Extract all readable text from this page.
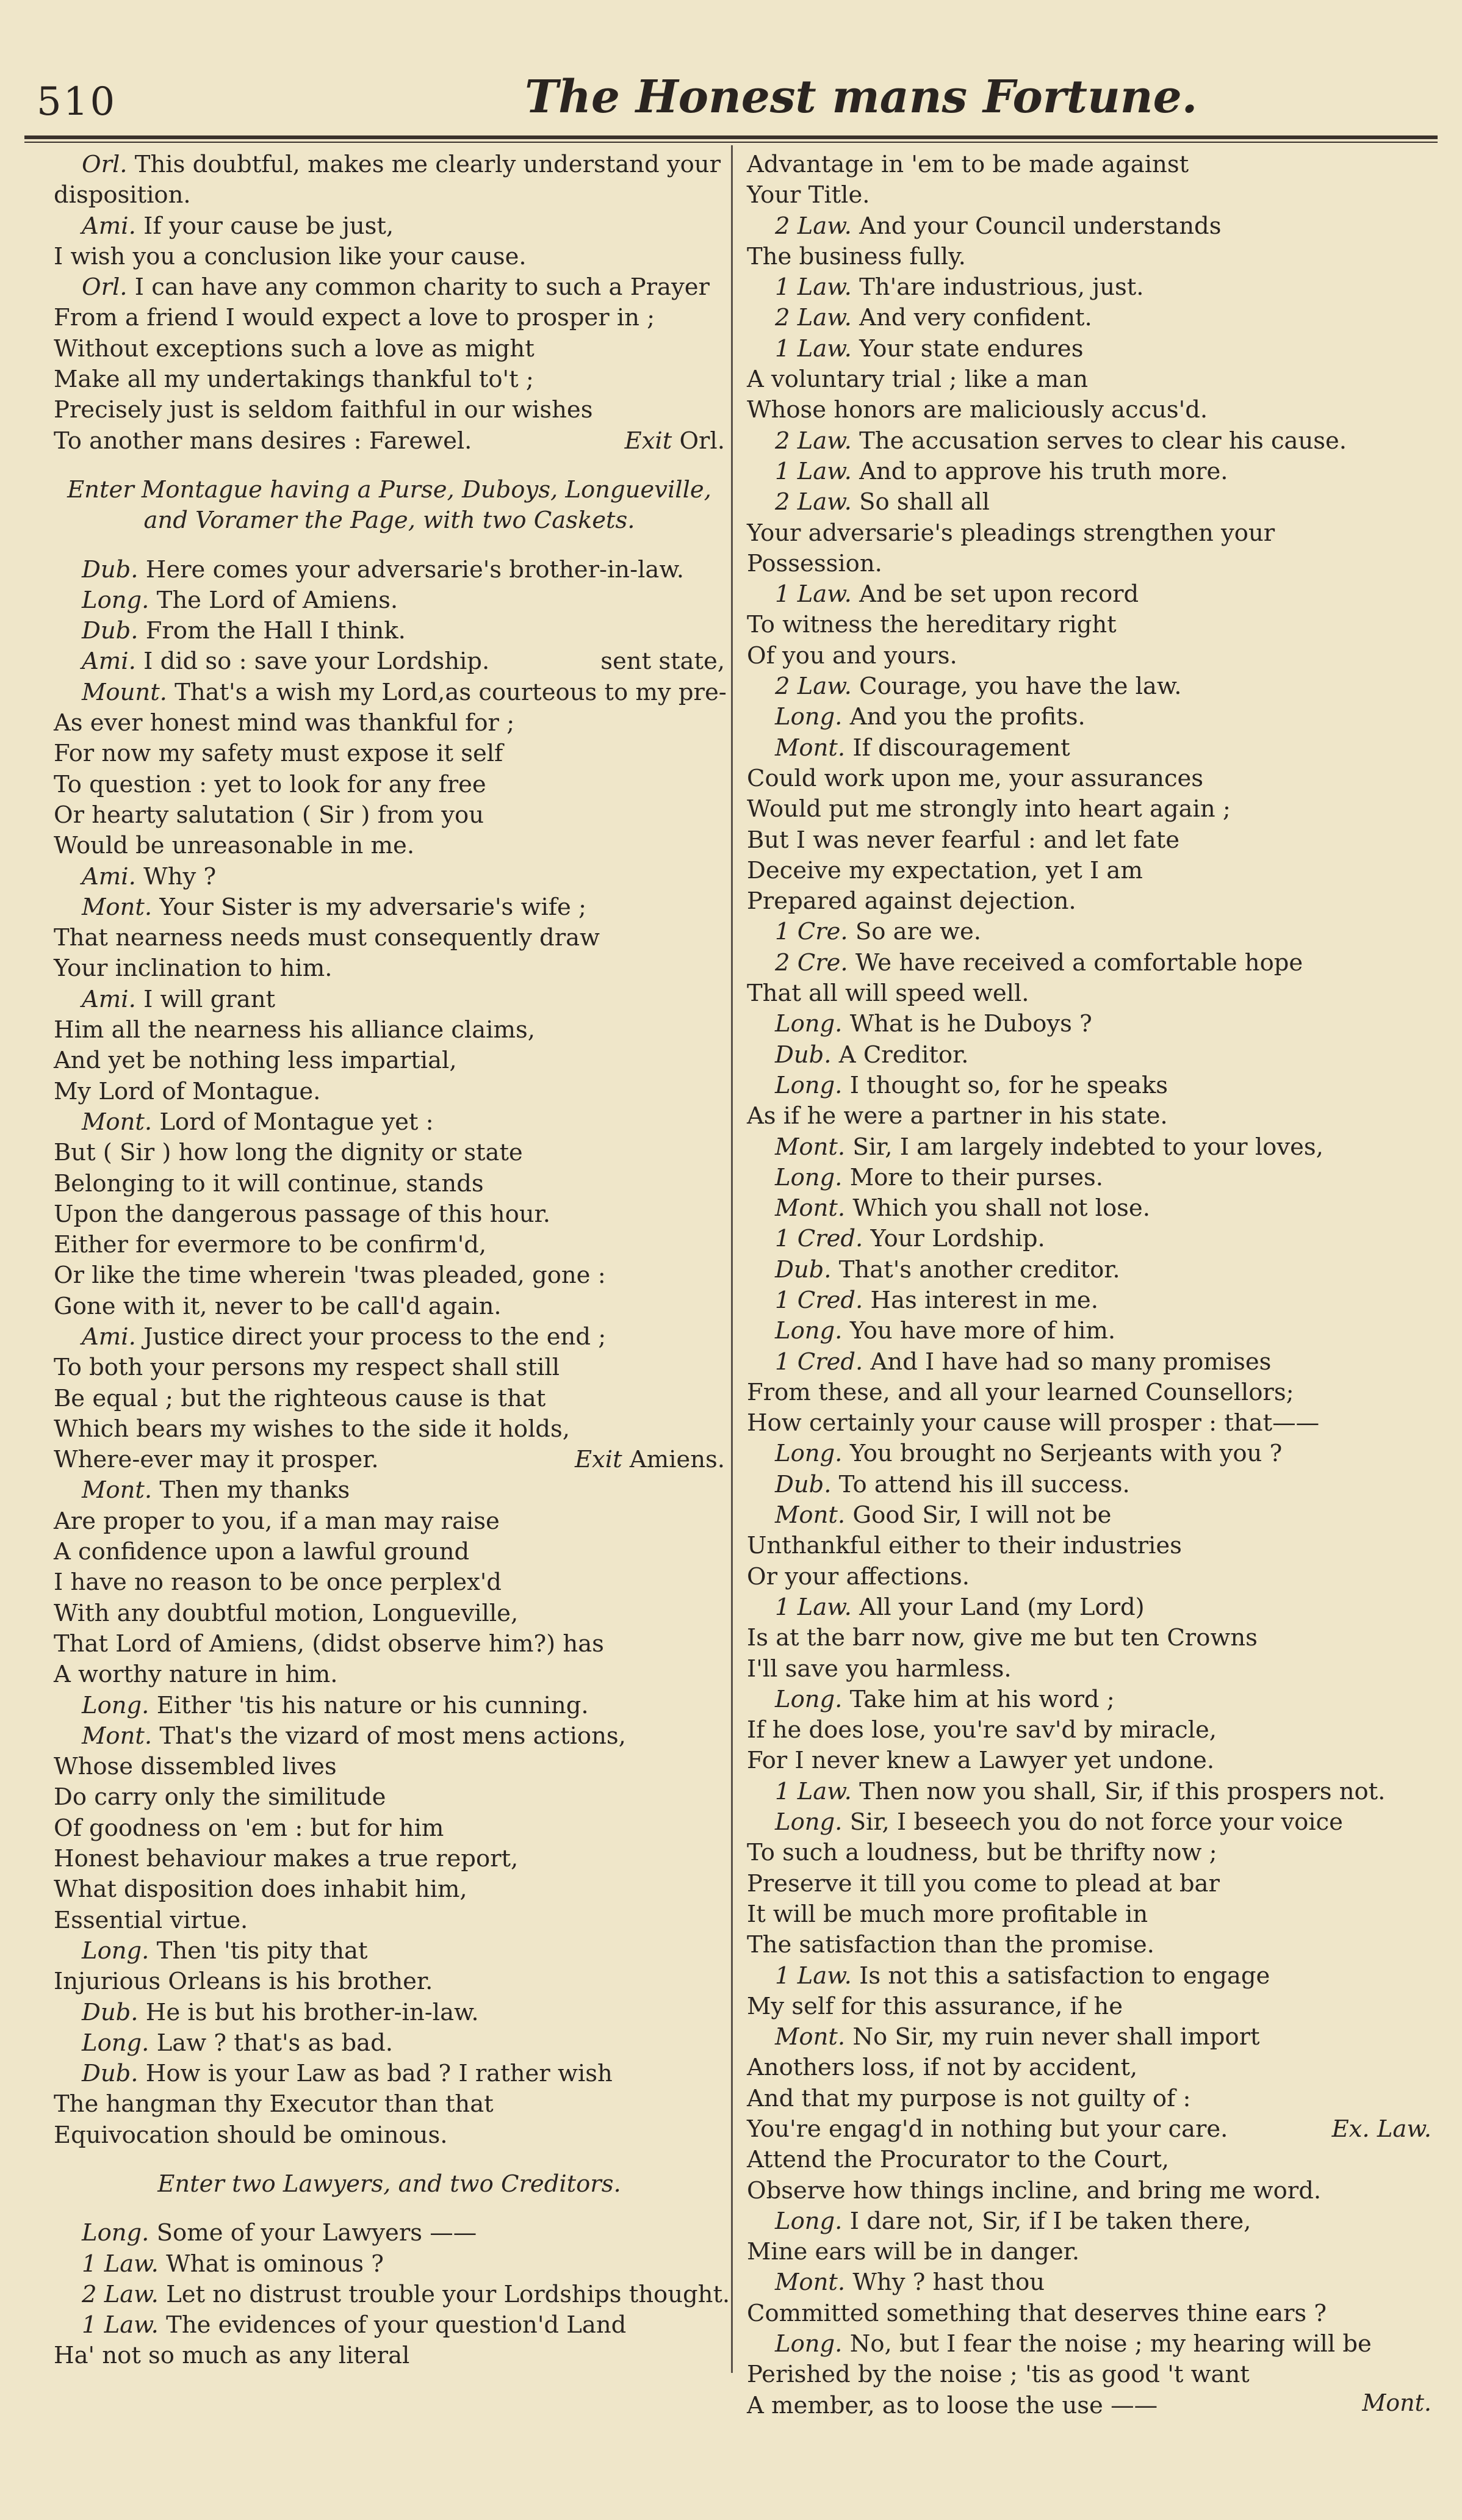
510	The Honest mans Fortune.
Orl. This doubtful, makes me clearly understand your
disposition.
Ami. If your cause be just,
I wish you a conclusion like your cause.
Orl. I can have any common charity to such a Prayer
From a friend I would expect a love to prosper in ;
Without exceptions such a love as might
Make all my undertakings thankful to't ;
Precisely just is seldom faithful in our wishes
To another mans desires : Farewel.	Exit Orl.
Enter Montague having a Purse, Duboys, Longueville,
and Voramer the Page, with two Caskets.
Dub. Here comes your adversarie's brother-in-law.
Long. The Lord of Amiens.
Dub. From the Hall I think.
Ami. I did so : save your Lordship.	sent state,
Mount. That's a wish my Lord,as courteous to my pre-
As ever honest mind was thankful for ;
For now my safety must expose it self
To question : yet to look for any free
Or hearty salutation ( Sir ) from you
Would be unreasonable in me.
Ami. Why ?
Mont. Your Sister is my adversarie's wife ;
That nearness needs must consequently draw
Your inclination to him.
Ami. I will grant
Him all the nearness his alliance claims,
And yet be nothing less impartial,
My Lord of Montague.
Mont. Lord of Montague yet :
But ( Sir ) how long the dignity or state
Belonging to it will continue, stands
Upon the dangerous passage of this hour.
Either for evermore to be confirm'd,
Or like the time wherein 'twas pleaded, gone :
Gone with it, never to be call'd again.
Ami. Justice direct your process to the end ;
To both your persons my respect shall still
Be equal ; but the righteous cause is that
Which bears my wishes to the side it holds,
Where-ever may it prosper.	Exit Amiens.
Mont. Then my thanks
Are proper to you, if a man may raise
A confidence upon a lawful ground
I have no reason to be once perplex'd
With any doubtful motion, Longueville,
That Lord of Amiens, (didst observe him?) has
A worthy nature in him.
Long. Either 'tis his nature or his cunning.
Mont. That's the vizard of most mens actions,
Whose dissembled lives
Do carry only the similitude
Of goodness on 'em : but for him
Honest behaviour makes a true report,
What disposition does inhabit him,
Essential virtue.
Long. Then 'tis pity that
Injurious Orleans is his brother.
Dub. He is but his brother-in-law.
Long. Law ? that's as bad.
Dub. How is your Law as bad ? I rather wish
The hangman thy Executor than that
Equivocation should be ominous.
Enter two Lawyers, and two Creditors.
Long. Some of your Lawyers ——
1 Law. What is ominous ?
2 Law. Let no distrust trouble your Lordships thought.
1 Law. The evidences of your question'd Land
Ha' not so much as any literal
Advantage in 'em to be made against
Your Title.
2 Law. And your Council understands
The business fully.
1 Law. Th'are industrious, just.
2 Law. And very confident.
1 Law. Your state endures
A voluntary trial ; like a man
Whose honors are maliciously accus'd.
2 Law. The accusation serves to clear his cause.
1 Law. And to approve his truth more.
2 Law. So shall all
Your adversarie's pleadings strengthen your
Possession.
1 Law. And be set upon record
To witness the hereditary right
Of you and yours.
2 Law. Courage, you have the law.
Long. And you the profits.
Mont. If discouragement
Could work upon me, your assurances
Would put me strongly into heart again ;
But I was never fearful : and let fate
Deceive my expectation, yet I am
Prepared against dejection.
1 Cre. So are we.
2 Cre. We have received a comfortable hope
That all will speed well.
Long. What is he Duboys ?
Dub. A Creditor.
Long. I thought so, for he speaks
As if he were a partner in his state.
Mont. Sir, I am largely indebted to your loves,
Long. More to their purses.
Mont. Which you shall not lose.
1 Cred. Your Lordship.
Dub. That's another creditor.
1 Cred. Has interest in me.
Long. You have more of him.
1 Cred. And I have had so many promises
From these, and all your learned Counsellors;
How certainly your cause will prosper : that——
Long. You brought no Serjeants with you ?
Dub. To attend his ill success.
Mont. Good Sir, I will not be
Unthankful either to their industries
Or your affections.
1 Law. All your Land (my Lord)
Is at the barr now, give me but ten Crowns
I'll save you harmless.
Long. Take him at his word ;
If he does lose, you're sav'd by miracle,
For I never knew a Lawyer yet undone.
1 Law. Then now you shall, Sir, if this prospers not.
Long. Sir, I beseech you do not force your voice
To such a loudness, but be thrifty now ;
Preserve it till you come to plead at bar
It will be much more profitable in
The satisfaction than the promise.
1 Law. Is not this a satisfaction to engage
My self for this assurance, if he
Mont. No Sir, my ruin never shall import
Anothers loss, if not by accident,
And that my purpose is not guilty of :
You're engag'd in nothing but your care.	Ex. Law.
Attend the Procurator to the Court,
Observe how things incline, and bring me word.
Long. I dare not, Sir, if I be taken there,
Mine ears will be in danger.
Mont. Why ? hast thou
Committed something that deserves thine ears ?
Long. No, but I fear the noise ; my hearing will be
Perished by the noise ; 'tis as good 't want
A member, as to loose the use ——	Mont.
